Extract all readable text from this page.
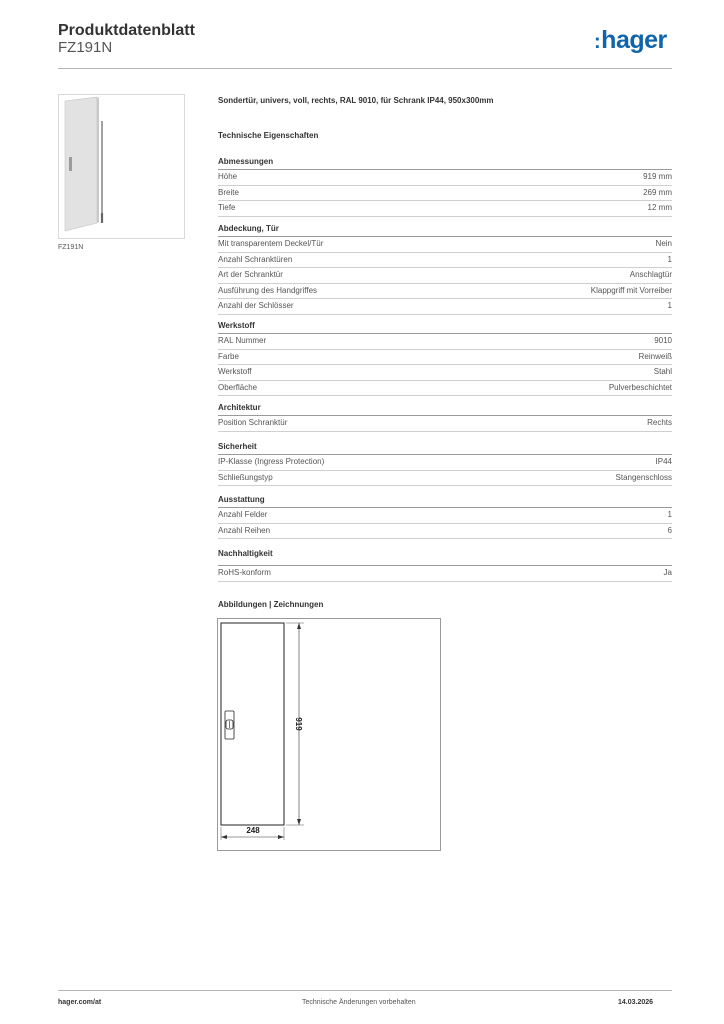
Produktdatenblatt
FZ191N	:hager
FZ191N
Sondertür, univers, voll, rechts, RAL 9010, für Schrank IP44, 950x300mm
Technische Eigenschaften
Abmessungen
Höhe	919 mm
Breite	269 mm
Tiefe	12 mm
Abdeckung, Tür
Mit transparentem Deckel/Tür	Nein
Anzahl Schranktüren	1
Art der Schranktür	Anschlagtür
Ausführung des Handgriffes	Klappgriff mit Vorreiber
Anzahl der Schlösser	1
Werkstoff
RAL Nummer	9010
Farbe	Reinweiß
Werkstoff	Stahl
Oberfläche	Pulverbeschichtet
Architektur
Position Schranktür	Rechts
Sicherheit
IP-Klasse (Ingress Protection)	IP44
Schließungstyp	Stangenschloss
Ausstattung
Anzahl Felder	1
Anzahl Reihen	6
Nachhaltigkeit
RoHS-konform	Ja
Abbildungen | Zeichnungen
919
248
hager.com/at	Technische Änderungen vorbehalten	14.03.2026
